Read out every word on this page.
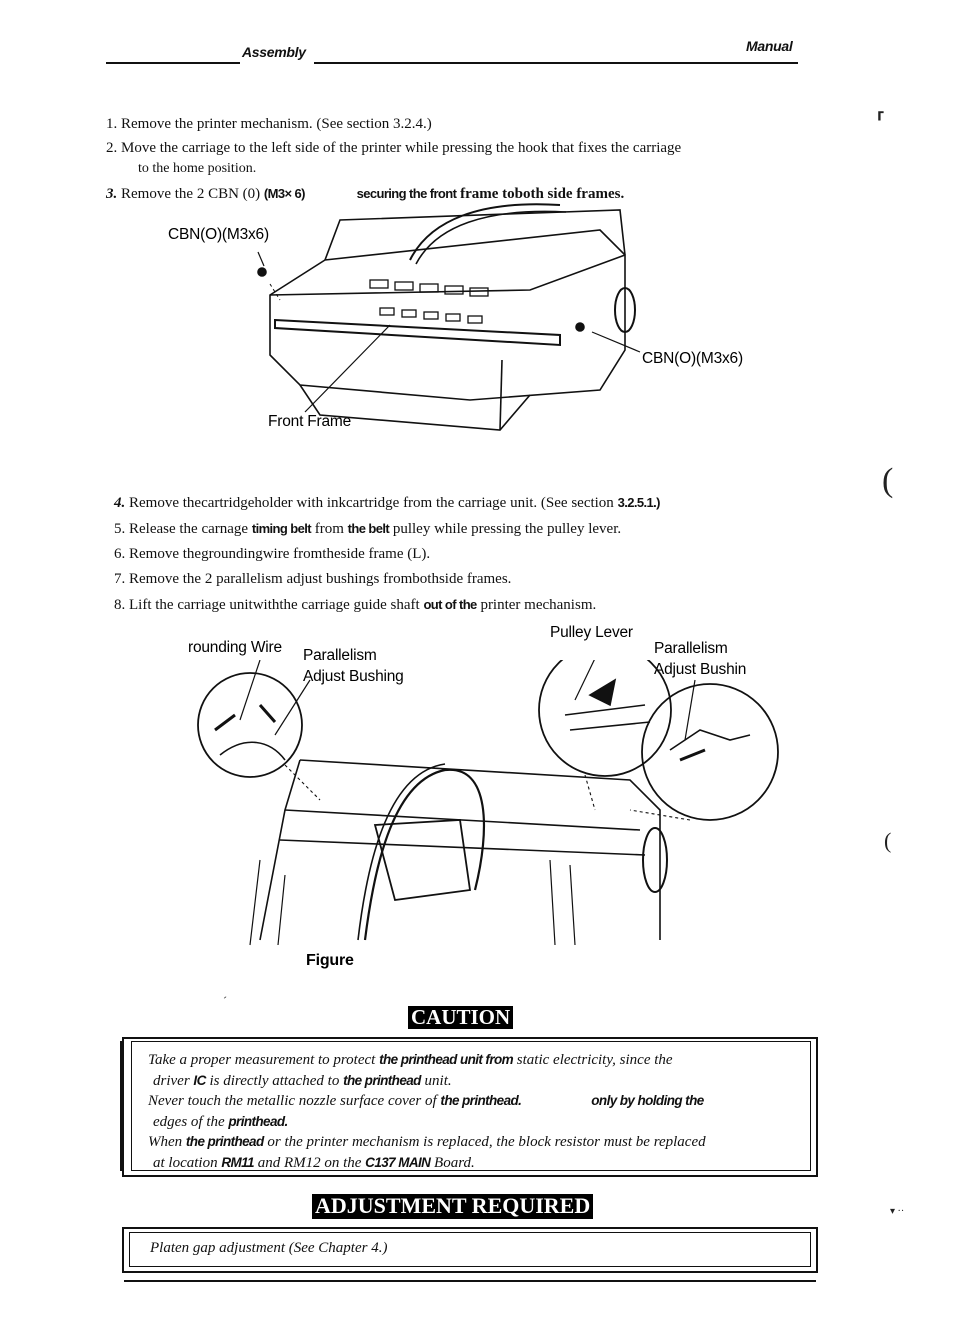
Assembly	Manual
⸢
(
(
1. Remove the printer mechanism. (See section 3.2.4.)
2. Move the carriage to the left side of the printer while pressing the hook that fixes the carriage
to the home position.
3. Remove the 2 CBN (0) (M3× 6)	securing the front frame toboth side frames.
CBN(O)(M3x6)
CBN(O)(M3x6)
Front Frame
4. Remove thecartridgeholder with inkcartridge from the carriage unit. (See section 3.2.5.1.)
5. Release the carnage timing belt from the belt pulley while pressing the pulley lever.
6. Remove thegroundingwire fromtheside frame (L).
7. Remove the 2 parallelism adjust bushings frombothside frames.
8. Lift the carriage unitwiththe carriage guide shaft out of the printer mechanism.
rounding Wire Parallelism
Adjust Bushing
Pulley Lever
Parallelism
Adjust Bushin
Figure
ˊ
CAUTION
Take a proper measurement to protect the printhead unit from static electricity, since the
driver IC is directly attached to the printhead unit.
Never touch the metallic nozzle surface cover of the printhead.	only by holding the
edges of the printhead.
When the printhead or the printer mechanism is replaced, the block resistor must be replaced
at location RM11 and RM12 on the C137 MAIN Board.
ADJUSTMENT REQUIRED
Platen gap adjustment (See Chapter 4.)
▾ ··
